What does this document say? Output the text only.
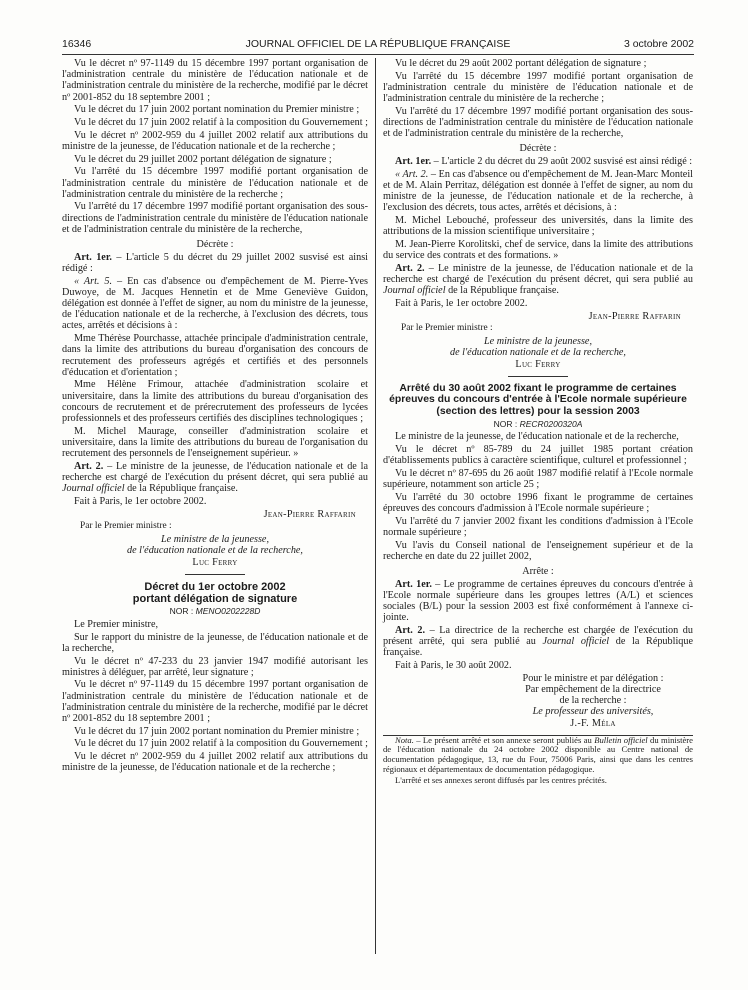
16346	JOURNAL OFFICIEL DE LA RÉPUBLIQUE FRANÇAISE	3 octobre 2002

Vu le décret nº 97-1149 du 15 décembre 1997 portant organisation de l'administration centrale du ministère de l'éducation nationale et de l'administration centrale du ministère de la recherche, modifié par le décret nº 2001-852 du 18 septembre 2001 ;

Vu le décret du 17 juin 2002 portant nomination du Premier ministre ;

Vu le décret du 17 juin 2002 relatif à la composition du Gouvernement ;

Vu le décret nº 2002-959 du 4 juillet 2002 relatif aux attributions du ministre de la jeunesse, de l'éducation nationale et de la recherche ;

Vu le décret du 29 juillet 2002 portant délégation de signature ;

Vu l'arrêté du 15 décembre 1997 modifié portant organisation de l'administration centrale du ministère de l'éducation nationale et de l'administration centrale du ministère de la recherche ;

Vu l'arrêté du 17 décembre 1997 modifié portant organisation des sous-directions de l'administration centrale du ministère de l'éducation nationale et de l'administration centrale du ministère de la recherche,

Décrète :

Art. 1er. – L'article 5 du décret du 29 juillet 2002 susvisé est ainsi rédigé :

« Art. 5. – En cas d'absence ou d'empêchement de M. Pierre-Yves Duwoye, de M. Jacques Hennetin et de Mme Geneviève Guidon, délégation est donnée à l'effet de signer, au nom du ministre de la jeunesse, de l'éducation nationale et de la recherche, à l'exclusion des décrets, tous actes, arrêtés et décisions à :

Mme Thérèse Pourchasse, attachée principale d'administration centrale, dans la limite des attributions du bureau d'organisation des concours de recrutement des professeurs agrégés et certifiés et des personnels d'éducation et d'orientation ;

Mme Hélène Frimour, attachée d'administration scolaire et universitaire, dans la limite des attributions du bureau d'organisation des concours de recrutement et de prérecrutement des professeurs de lycées professionnels et des professeurs certifiés des disciplines technologiques ;

M. Michel Maurage, conseiller d'administration scolaire et universitaire, dans la limite des attributions du bureau de l'organisation du recrutement des personnels de l'enseignement supérieur. »

Art. 2. – Le ministre de la jeunesse, de l'éducation nationale et de la recherche est chargé de l'exécution du présent décret, qui sera publié au Journal officiel de la République française.

Fait à Paris, le 1er octobre 2002.

Jean-Pierre Raffarin

Par le Premier ministre :

Le ministre de la jeunesse,

de l'éducation nationale et de la recherche,

Luc Ferry

Décret du 1er octobre 2002

portant délégation de signature

NOR : MENO0202228D

Le Premier ministre,

Sur le rapport du ministre de la jeunesse, de l'éducation nationale et de la recherche,

Vu le décret nº 47-233 du 23 janvier 1947 modifié autorisant les ministres à déléguer, par arrêté, leur signature ;

Vu le décret nº 97-1149 du 15 décembre 1997 portant organisation de l'administration centrale du ministère de l'éducation nationale et de l'administration centrale du ministère de la recherche, modifié par le décret nº 2001-852 du 18 septembre 2001 ;

Vu le décret du 17 juin 2002 portant nomination du Premier ministre ;

Vu le décret du 17 juin 2002 relatif à la composition du Gouvernement ;

Vu le décret nº 2002-959 du 4 juillet 2002 relatif aux attributions du ministre de la jeunesse, de l'éducation nationale et de la recherche ;

Vu le décret du 29 août 2002 portant délégation de signature ;

Vu l'arrêté du 15 décembre 1997 modifié portant organisation de l'administration centrale du ministère de l'éducation nationale et de l'administration centrale du ministère de la recherche ;

Vu l'arrêté du 17 décembre 1997 modifié portant organisation des sous-directions de l'administration centrale du ministère de l'éducation nationale et de l'administration centrale du ministère de la recherche,

Décrète :

Art. 1er. – L'article 2 du décret du 29 août 2002 susvisé est ainsi rédigé :

« Art. 2. – En cas d'absence ou d'empêchement de M. Jean-Marc Monteil et de M. Alain Perritaz, délégation est donnée à l'effet de signer, au nom du ministre de la jeunesse, de l'éducation nationale et de la recherche, à l'exclusion des décrets, tous actes, arrêtés et décisions, à :

M. Michel Lebouché, professeur des universités, dans la limite des attributions de la mission scientifique universitaire ;

M. Jean-Pierre Korolitski, chef de service, dans la limite des attributions du service des contrats et des formations. »

Art. 2. – Le ministre de la jeunesse, de l'éducation nationale et de la recherche est chargé de l'exécution du présent décret, qui sera publié au Journal officiel de la République française.

Fait à Paris, le 1er octobre 2002.

Jean-Pierre Raffarin

Par le Premier ministre :

Le ministre de la jeunesse,

de l'éducation nationale et de la recherche,

Luc Ferry

Arrêté du 30 août 2002 fixant le programme de certaines épreuves du concours d'entrée à l'Ecole normale supérieure (section des lettres) pour la session 2003

NOR : RECR0200320A

Le ministre de la jeunesse, de l'éducation nationale et de la recherche,

Vu le décret nº 85-789 du 24 juillet 1985 portant création d'établissements publics à caractère scientifique, culturel et professionnel ;

Vu le décret nº 87-695 du 26 août 1987 modifié relatif à l'Ecole normale supérieure, notamment son article 25 ;

Vu l'arrêté du 30 octobre 1996 fixant le programme de certaines épreuves des concours d'admission à l'Ecole normale supérieure ;

Vu l'arrêté du 7 janvier 2002 fixant les conditions d'admission à l'Ecole normale supérieure ;

Vu l'avis du Conseil national de l'enseignement supérieur et de la recherche en date du 22 juillet 2002,

Arrête :

Art. 1er. – Le programme de certaines épreuves du concours d'entrée à l'Ecole normale supérieure dans les groupes lettres (A/L) et sciences sociales (B/L) pour la session 2003 est fixé conformément à l'annexe ci-jointe.

Art. 2. – La directrice de la recherche est chargée de l'exécution du présent arrêté, qui sera publié au Journal officiel de la République française.

Fait à Paris, le 30 août 2002.

Pour le ministre et par délégation :
Par empêchement de la directrice
de la recherche :
Le professeur des universités,
J.-F. Méla

Nota. – Le présent arrêté et son annexe seront publiés au Bulletin officiel du ministère de l'éducation nationale du 24 octobre 2002 disponible au Centre national de documentation pédagogique, 13, rue du Four, 75006 Paris, ainsi que dans les centres régionaux et départementaux de documentation pédagogique.

L'arrêté et ses annexes seront diffusés par les centres précités.
